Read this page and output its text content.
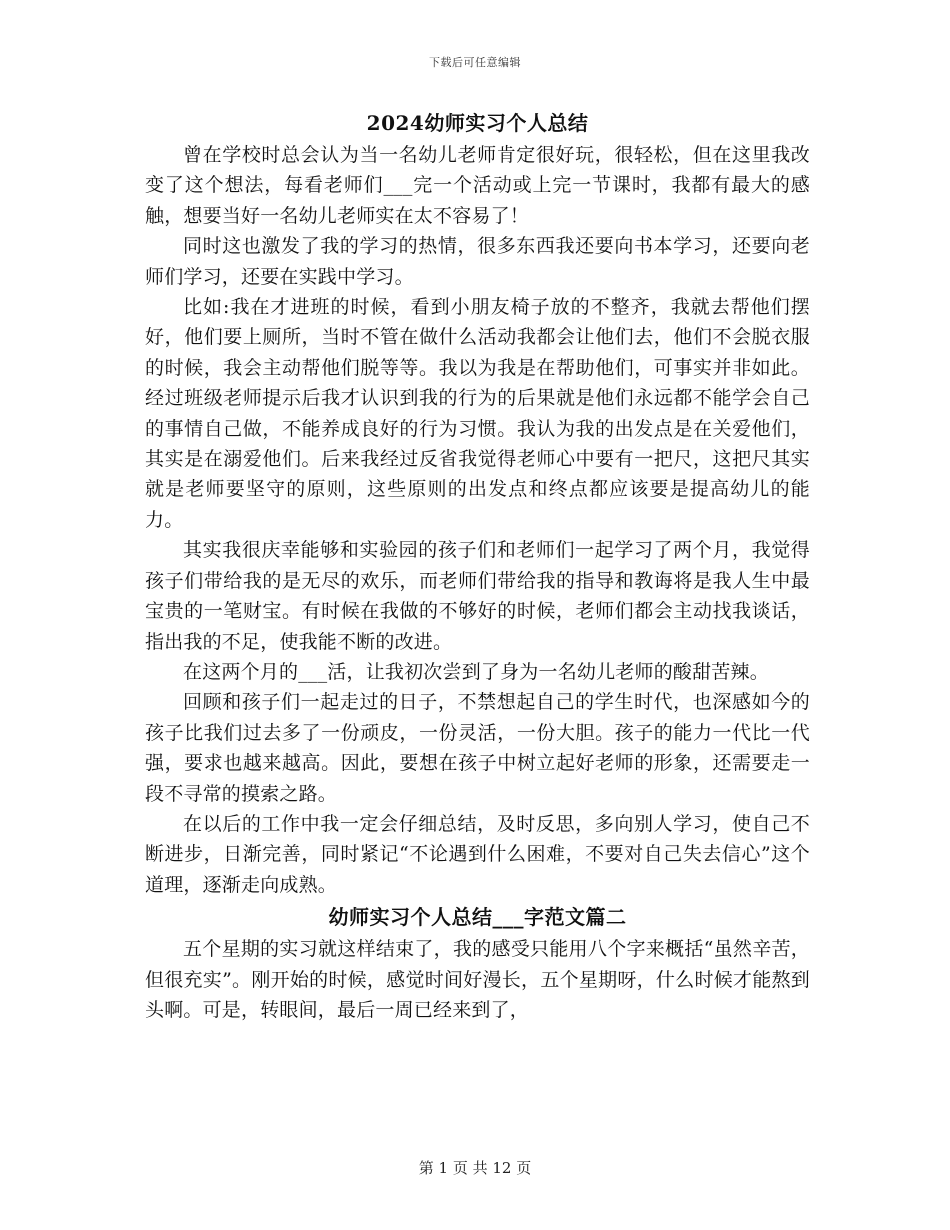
下载后可任意编辑
2024幼师实习个人总结

曾在学校时总会认为当一名幼儿老师肯定很好玩，很轻松，但在这里我改变了这个想法，每看老师们___完一个活动或上完一节课时，我都有最大的感触，想要当好一名幼儿老师实在太不容易了！

同时这也激发了我的学习的热情，很多东西我还要向书本学习，还要向老师们学习，还要在实践中学习。

比如:我在才进班的时候，看到小朋友椅子放的不整齐，我就去帮他们摆好，他们要上厕所，当时不管在做什么活动我都会让他们去，他们不会脱衣服的时候，我会主动帮他们脱等等。我以为我是在帮助他们，可事实并非如此。经过班级老师提示后我才认识到我的行为的后果就是他们永远都不能学会自己的事情自己做，不能养成良好的行为习惯。我认为我的出发点是在关爱他们，其实是在溺爱他们。后来我经过反省我觉得老师心中要有一把尺，这把尺其实就是老师要坚守的原则，这些原则的出发点和终点都应该要是提高幼儿的能力。

其实我很庆幸能够和实验园的孩子们和老师们一起学习了两个月，我觉得孩子们带给我的是无尽的欢乐，而老师们带给我的指导和教诲将是我人生中最宝贵的一笔财宝。有时候在我做的不够好的时候，老师们都会主动找我谈话，指出我的不足，使我能不断的改进。

在这两个月的___活，让我初次尝到了身为一名幼儿老师的酸甜苦辣。

回顾和孩子们一起走过的日子，不禁想起自己的学生时代，也深感如今的孩子比我们过去多了一份顽皮，一份灵活，一份大胆。孩子的能力一代比一代强，要求也越来越高。因此，要想在孩子中树立起好老师的形象，还需要走一段不寻常的摸索之路。

在以后的工作中我一定会仔细总结，及时反思，多向别人学习，使自己不断进步，日渐完善，同时紧记“不论遇到什么困难，不要对自己失去信心”这个道理，逐渐走向成熟。

幼师实习个人总结___字范文篇二

五个星期的实习就这样结束了，我的感受只能用八个字来概括“虽然辛苦，但很充实”。刚开始的时候，感觉时间好漫长，五个星期呀，什么时候才能熬到头啊。可是，转眼间，最后一周已经来到了，

第 1 页 共 12 页
